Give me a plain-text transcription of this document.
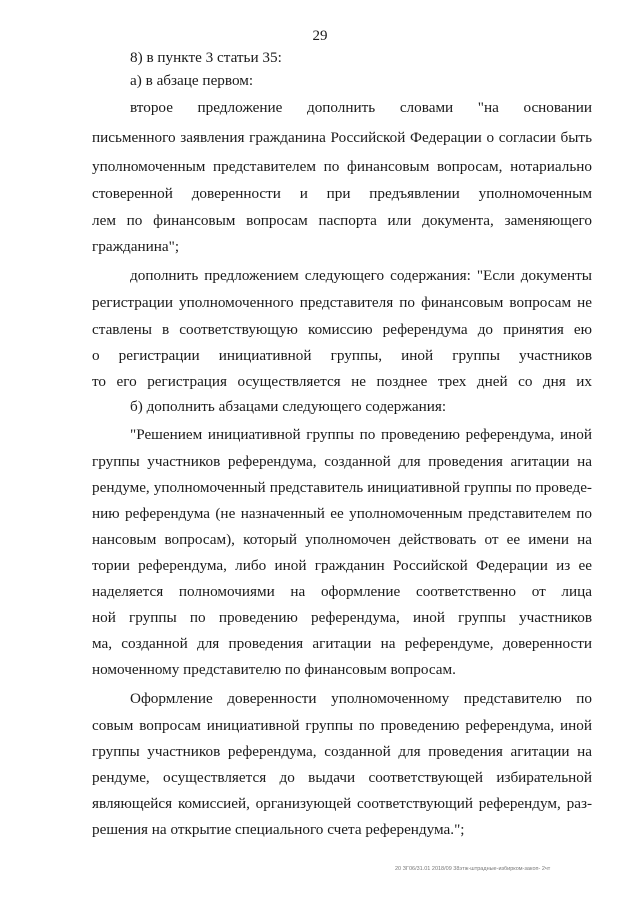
29
8) в пункте 3 статьи 35:
а) в абзаце первом:
второе предложение дополнить словами "на основании
письменного заявления гражданина Российской Федерации о согласии быть
уполномоченным представителем по финансовым вопросам, нотариально
стоверенной доверенности и при предъявлении уполномоченным
лем по финансовым вопросам паспорта или документа, заменяющего
гражданина";
дополнить предложением следующего содержания: "Если документы
регистрации уполномоченного представителя по финансовым вопросам не
ставлены в соответствующую комиссию референдума до принятия ею
о регистрации инициативной группы, иной группы участников
то его регистрация осуществляется не позднее трех дней со дня их
б) дополнить абзацами следующего содержания:
"Решением инициативной группы по проведению референдума, иной
группы участников референдума, созданной для проведения агитации на
рендуме, уполномоченный представитель инициативной группы по проведе-
нию референдума (не назначенный ее уполномоченным представителем по
нансовым вопросам), который уполномочен действовать от ее имени на
тории референдума, либо иной гражданин Российской Федерации из ее
наделяется полномочиями на оформление соответственно от лица
ной группы по проведению референдума, иной группы участников
ма, созданной для проведения агитации на референдуме, доверенности
номоченному представителю по финансовым вопросам.
Оформление доверенности уполномоченному представителю по
совым вопросам инициативной группы по проведению референдума, иной
группы участников референдума, созданной для проведения агитации на
рендуме, осуществляется до выдачи соответствующей избирательной
являющейся комиссией, организующей соответствующий референдум, раз-
решения на открытие специального счета референдума.";
20 ЗГ06/31.01 2018/09 38этж-штрадные-избирком-закоп- 2чт
